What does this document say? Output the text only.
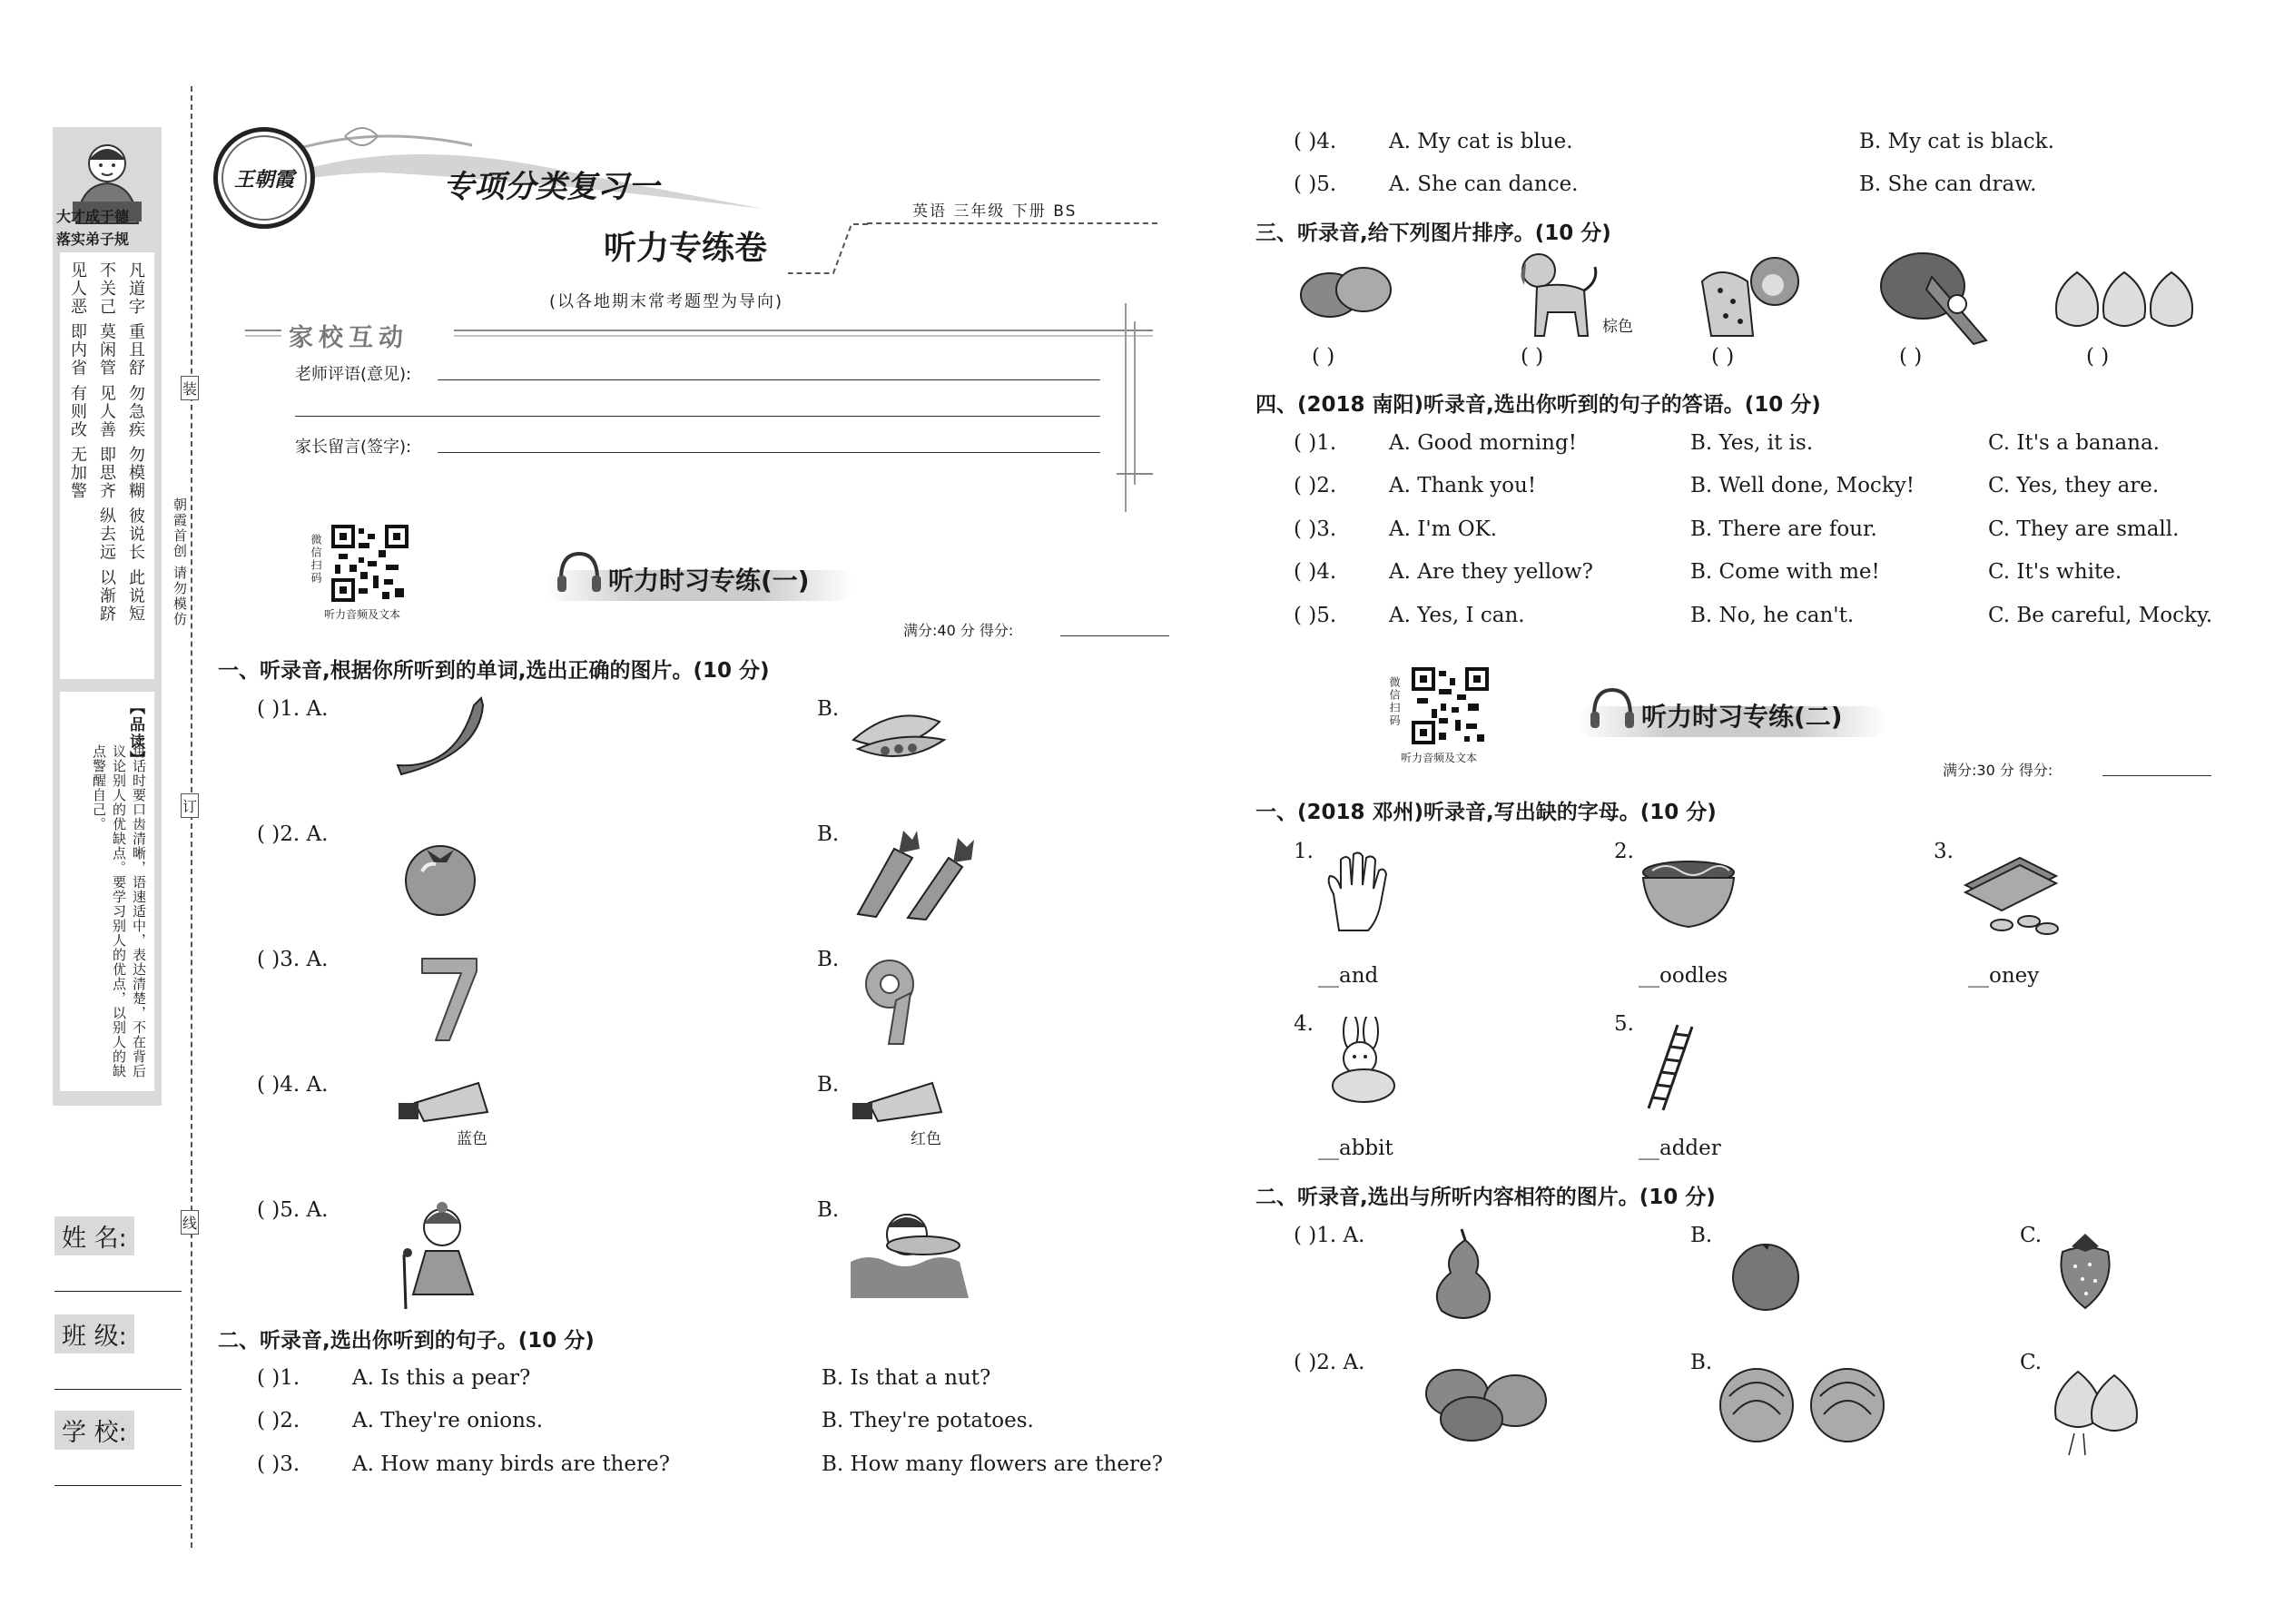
大才成于德
落实弟子规
凡道字 重且舒 勿急疾 勿模糊 彼说长 此说短
不关己 莫闲管 见人善 即思齐 纵去远 以渐跻
见人恶 即内省 有则改 无加警
【品读】
讲话时要口齿清晰，语速适中，表达清楚，不在背后议论别人的优缺点。要学习别人的优点，以别人的缺点警醒自己。
朝霞首创 请勿模仿
装
订
线
姓 名:
班 级:
学 校:
王朝霞	专项分类复习一
英语 三年级 下册 BS
听力专练卷
(以各地期末常考题型为导向)
家校互动
老师评语(意见):
家长留言(签字):
微信扫码
听力音频及文本
听力时习专练(一)
满分:40 分 得分:
一、听录音,根据你所听到的单词,选出正确的图片。(10 分)
( )1. A.	B.
( )2. A.	B.
( )3. A.	B.
( )4. A.
蓝色
B.
红色
( )5. A.	B.
二、听录音,选出你听到的句子。(10 分)
( )1.	A. Is this a pear?	B. Is that a nut?
( )2.	A. They're onions.	B. They're potatoes.
( )3.	A. How many birds are there?	B. How many flowers are there?
( )4.	A. My cat is blue.	B. My cat is black.
( )5.	A. She can dance.	B. She can draw.
三、听录音,给下列图片排序。(10 分)
棕色
( )	( )	( )	( )	( )
四、(2018 南阳)听录音,选出你听到的句子的答语。(10 分)
( )1.	A. Good morning!	B. Yes, it is.	C. It's a banana.
( )2.	A. Thank you!	B. Well done, Mocky!	C. Yes, they are.
( )3.	A. I'm OK.	B. There are four.	C. They are small.
( )4.	A. Are they yellow?	B. Come with me!	C. It's white.
( )5.	A. Yes, I can.	B. No, he can't.	C. Be careful, Mocky.
微信扫码
听力音频及文本
听力时习专练(二)
满分:30 分 得分:
一、(2018 邓州)听录音,写出缺的字母。(10 分)
1.
__and
2.
__oodles
3.
__oney
4.
__abbit
5.
__adder
二、听录音,选出与所听内容相符的图片。(10 分)
( )1. A.	B.	C.
( )2. A.	B.	C.
